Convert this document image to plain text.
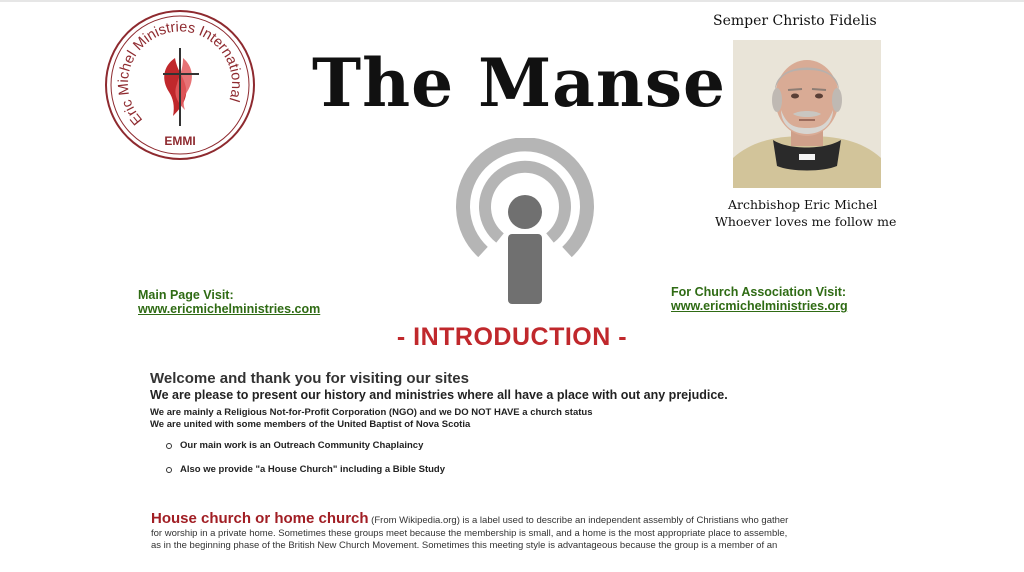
Eric Michel Ministries International
EMMI
The Manse
Semper Christo Fidelis
Archbishop Eric Michel
Whoever loves me follow me
Main Page Visit:
www.ericmichelministries.com
For Church Association Visit:
www.ericmichelministries.org
- INTRODUCTION -
Welcome and thank you for visiting our sites
We are please to present our history and ministries where all have a place with out any prejudice.
We are mainly a Religious Not-for-Profit Corporation (NGO) and we DO NOT HAVE a church status
We are united with some members of the United Baptist of Nova Scotia
Our main work is an Outreach Community Chaplaincy
Also we provide "a House Church" including a Bible Study
House church or home church (From Wikipedia.org) is a label used to describe an independent assembly of Christians who gather
for worship in a private home. Sometimes these groups meet because the membership is small, and a home is the most appropriate place to assemble,
as in the beginning phase of the British New Church Movement. Sometimes this meeting style is advantageous because the group is a member of an
